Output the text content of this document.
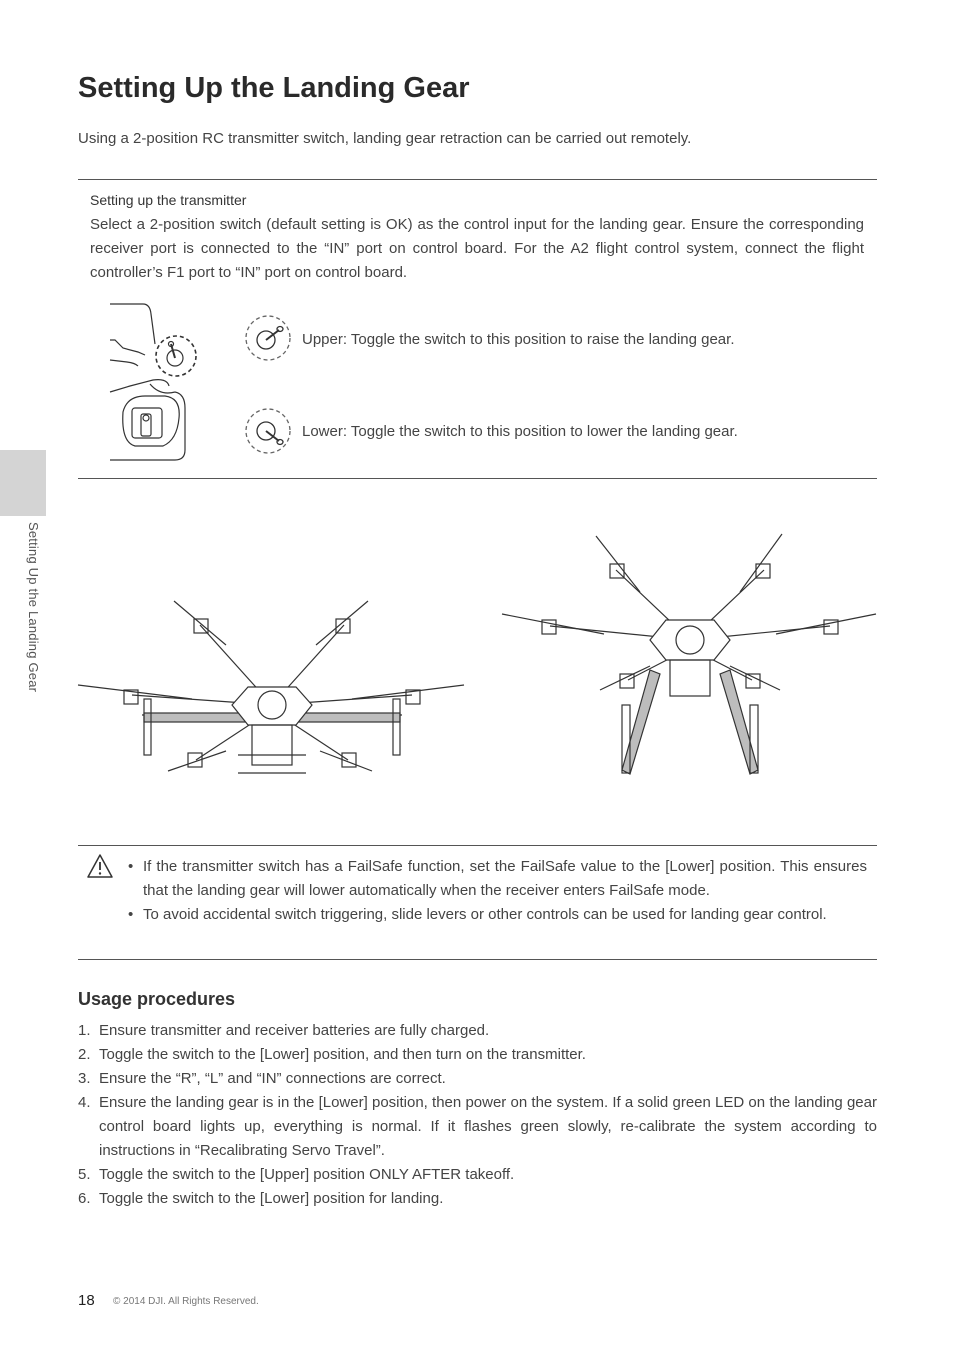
Setting Up the Landing Gear
Setting Up the Landing Gear

Using a 2-position RC transmitter switch, landing gear retraction can be carried out remotely.

Setting up the transmitter

Select a 2-position switch (default setting is OK) as the control input for the landing gear. Ensure the corresponding receiver port is connected to the “IN” port on control board. For the A2 flight control system, connect the flight controller’s F1 port to “IN” port on control board.

Upper: Toggle the switch to this position to raise the landing gear.
Lower: Toggle the switch to this position to lower the landing gear.
• If the transmitter switch has a FailSafe function, set the FailSafe value to the [Lower] position. This ensures that the landing gear will lower automatically when the receiver enters FailSafe mode.
• To avoid accidental switch triggering, slide levers or other controls can be used for landing gear control.
Usage procedures
1. Ensure transmitter and receiver batteries are fully charged.
2. Toggle the switch to the [Lower] position, and then turn on the transmitter.
3. Ensure the “R”, “L” and “IN” connections are correct.
4. Ensure the landing gear is in the [Lower] position, then power on the system. If a solid green LED on the landing gear control board lights up, everything is normal. If it flashes green slowly, re-calibrate the system according to instructions in “Recalibrating Servo Travel”.
5. Toggle the switch to the [Upper] position ONLY AFTER takeoff.
6. Toggle the switch to the [Lower] position for landing.
18 © 2014 DJI. All Rights Reserved.
